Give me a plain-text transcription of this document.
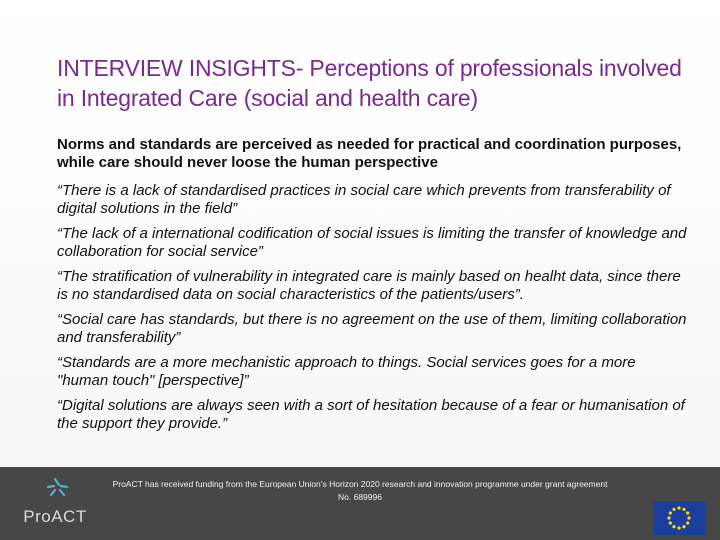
INTERVIEW INSIGHTS- Perceptions of professionals involved in Integrated Care (social and health care)
Norms and standards are perceived as needed for practical and coordination purposes, while care should never loose the human perspective
“There is a lack of standardised practices in social care which prevents from transferability of digital solutions in the field”
“The lack of a international codification of social issues is limiting the transfer of knowledge and collaboration for social service”
“The stratification of vulnerability in integrated care is mainly based on healht data, since there is no standardised data on social characteristics of the patients/users”.
“Social care has standards, but there is no agreement on the use of them, limiting collaboration and transferability”
“Standards are a more mechanistic approach to things. Social services goes for a more "human touch" [perspective]”
“Digital solutions are always seen with a sort of hesitation because of a fear or humanisation of the support they provide.”
ProACT
ProACT has received funding from the European Union’s Horizon 2020 research and innovation programme under grant agreement No. 689996
